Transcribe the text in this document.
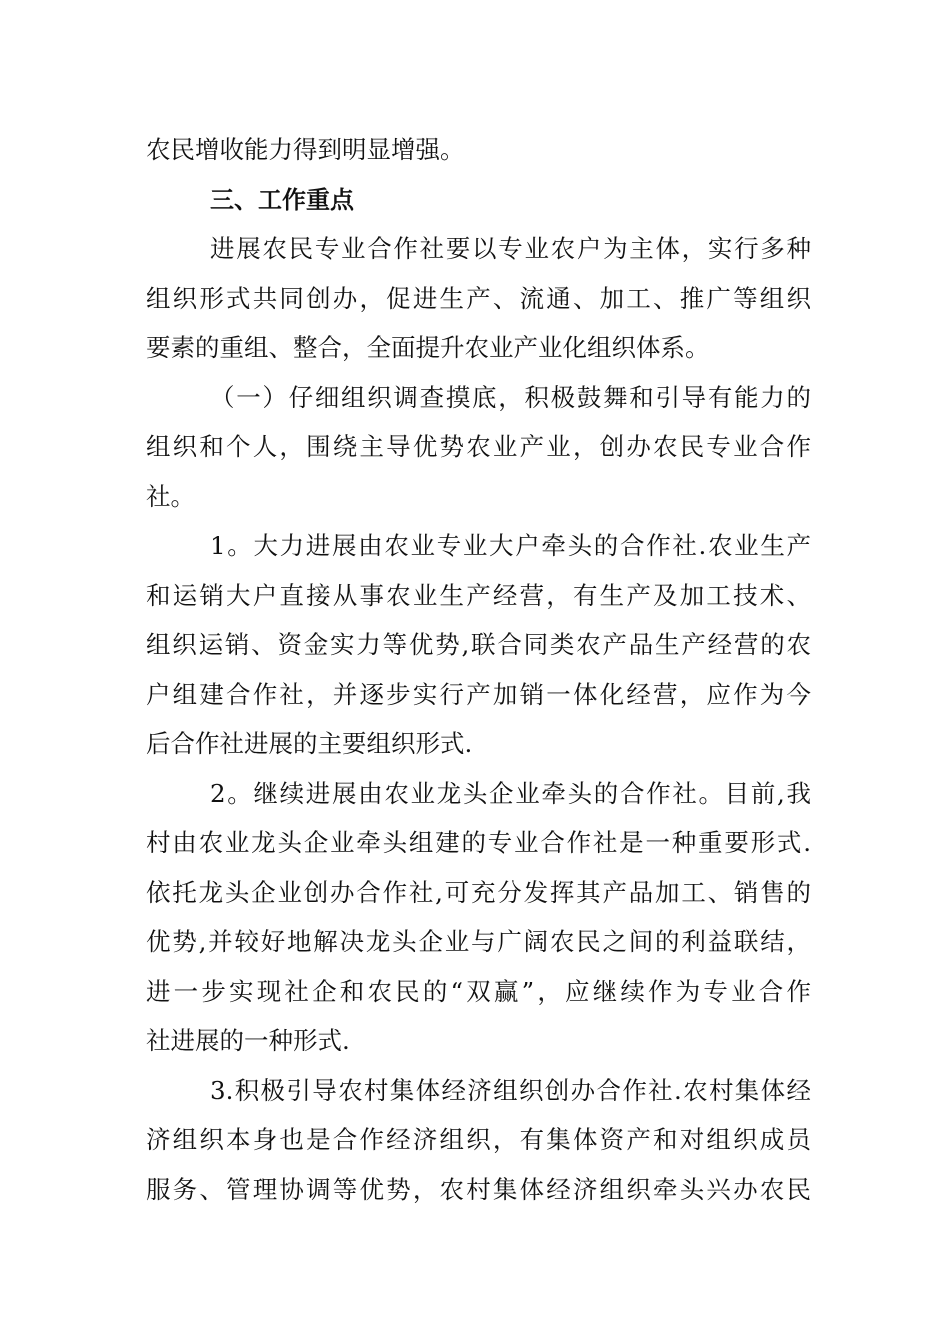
农民增收能力得到明显增强。
三、工作重点
进展农民专业合作社要以专业农户为主体，实行多种
组织形式共同创办，促进生产、流通、加工、推广等组织
要素的重组、整合，全面提升农业产业化组织体系。
（一）仔细组织调查摸底，积极鼓舞和引导有能力的
组织和个人，围绕主导优势农业产业，创办农民专业合作
社。
1。大力进展由农业专业大户牵头的合作社.农业生产
和运销大户直接从事农业生产经营，有生产及加工技术、
组织运销、资金实力等优势,联合同类农产品生产经营的农
户组建合作社，并逐步实行产加销一体化经营，应作为今
后合作社进展的主要组织形式.
2。继续进展由农业龙头企业牵头的合作社。目前,我
村由农业龙头企业牵头组建的专业合作社是一种重要形式.
依托龙头企业创办合作社,可充分发挥其产品加工、销售的
优势,并较好地解决龙头企业与广阔农民之间的利益联结，
进一步实现社企和农民的“双赢”，应继续作为专业合作
社进展的一种形式.
3.积极引导农村集体经济组织创办合作社.农村集体经
济组织本身也是合作经济组织，有集体资产和对组织成员
服务、管理协调等优势，农村集体经济组织牵头兴办农民
